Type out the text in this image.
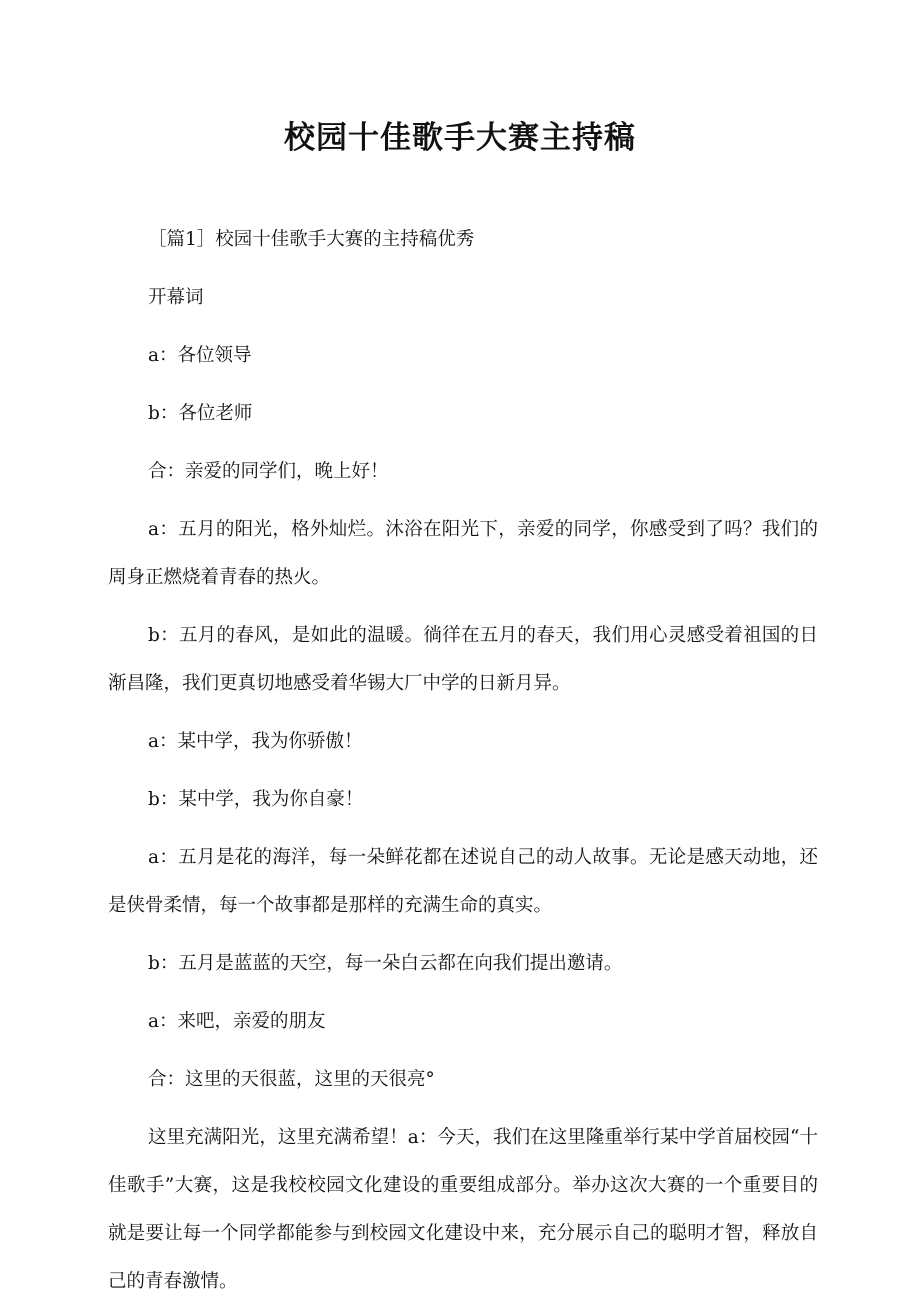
校园十佳歌手大赛主持稿

［篇1］校园十佳歌手大赛的主持稿优秀

开幕词

a：各位领导

b：各位老师

合：亲爱的同学们，晚上好！

a：五月的阳光，格外灿烂。沐浴在阳光下，亲爱的同学，你感受到了吗？我们的周身正燃烧着青春的热火。

b：五月的春风，是如此的温暖。徜徉在五月的春天，我们用心灵感受着祖国的日渐昌隆，我们更真切地感受着华锡大厂中学的日新月异。

a：某中学，我为你骄傲！

b：某中学，我为你自豪！

a：五月是花的海洋，每一朵鲜花都在述说自己的动人故事。无论是感天动地，还是侠骨柔情，每一个故事都是那样的充满生命的真实。

b：五月是蓝蓝的天空，每一朵白云都在向我们提出邀请。

a：来吧，亲爱的朋友

合：这里的天很蓝，这里的天很亮°

这里充满阳光，这里充满希望！a：今天，我们在这里隆重举行某中学首届校园“十佳歌手”大赛，这是我校校园文化建设的重要组成部分。举办这次大赛的一个重要目的就是要让每一个同学都能参与到校园文化建设中来，充分展示自己的聪明才智，释放自己的青春激情。
